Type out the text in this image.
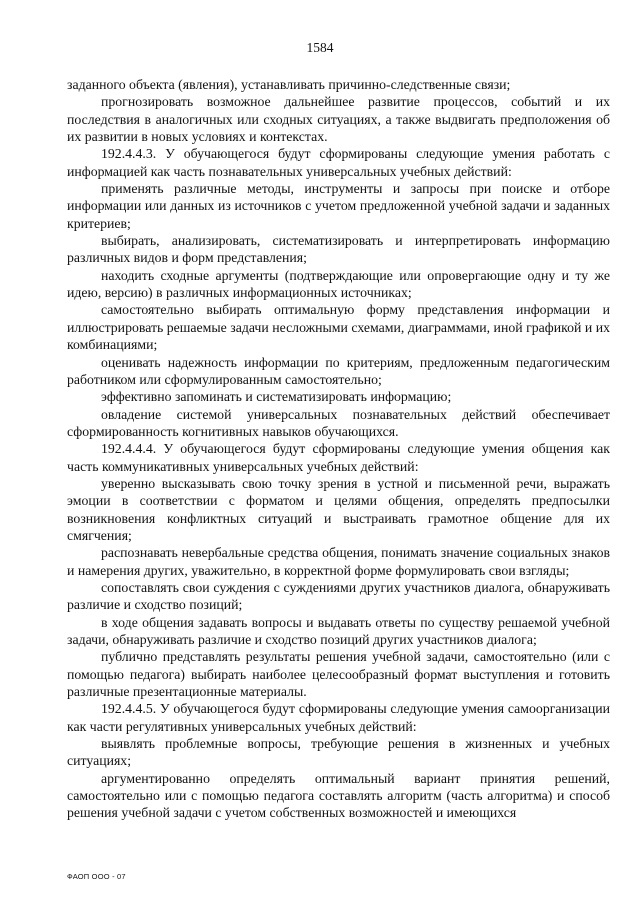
1584

заданного объекта (явления), устанавливать причинно-следственные связи;

прогнозировать возможное дальнейшее развитие процессов, событий и их последствия в аналогичных или сходных ситуациях, а также выдвигать предположения об их развитии в новых условиях и контекстах.

192.4.4.3. У обучающегося будут сформированы следующие умения работать с информацией как часть познавательных универсальных учебных действий:

применять различные методы, инструменты и запросы при поиске и отборе информации или данных из источников с учетом предложенной учебной задачи и заданных критериев;

выбирать, анализировать, систематизировать и интерпретировать информацию различных видов и форм представления;

находить сходные аргументы (подтверждающие или опровергающие одну и ту же идею, версию) в различных информационных источниках;

самостоятельно выбирать оптимальную форму представления информации и иллюстрировать решаемые задачи несложными схемами, диаграммами, иной графикой и их комбинациями;

оценивать надежность информации по критериям, предложенным педагогическим работником или сформулированным самостоятельно;

эффективно запоминать и систематизировать информацию;

овладение системой универсальных познавательных действий обеспечивает сформированность когнитивных навыков обучающихся.

192.4.4.4. У обучающегося будут сформированы следующие умения общения как часть коммуникативных универсальных учебных действий:

уверенно высказывать свою точку зрения в устной и письменной речи, выражать эмоции в соответствии с форматом и целями общения, определять предпосылки возникновения конфликтных ситуаций и выстраивать грамотное общение для их смягчения;

распознавать невербальные средства общения, понимать значение социальных знаков и намерения других, уважительно, в корректной форме формулировать свои взгляды;

сопоставлять свои суждения с суждениями других участников диалога, обнаруживать различие и сходство позиций;

в ходе общения задавать вопросы и выдавать ответы по существу решаемой учебной задачи, обнаруживать различие и сходство позиций других участников диалога;

публично представлять результаты решения учебной задачи, самостоятельно (или с помощью педагога) выбирать наиболее целесообразный формат выступления и готовить различные презентационные материалы.

192.4.4.5. У обучающегося будут сформированы следующие умения самоорганизации как части регулятивных универсальных учебных действий:

выявлять проблемные вопросы, требующие решения в жизненных и учебных ситуациях;

аргументированно определять оптимальный вариант принятия решений, самостоятельно или с помощью педагога составлять алгоритм (часть алгоритма) и способ решения учебной задачи с учетом собственных возможностей и имеющихся

ФАОП ООО - 07
